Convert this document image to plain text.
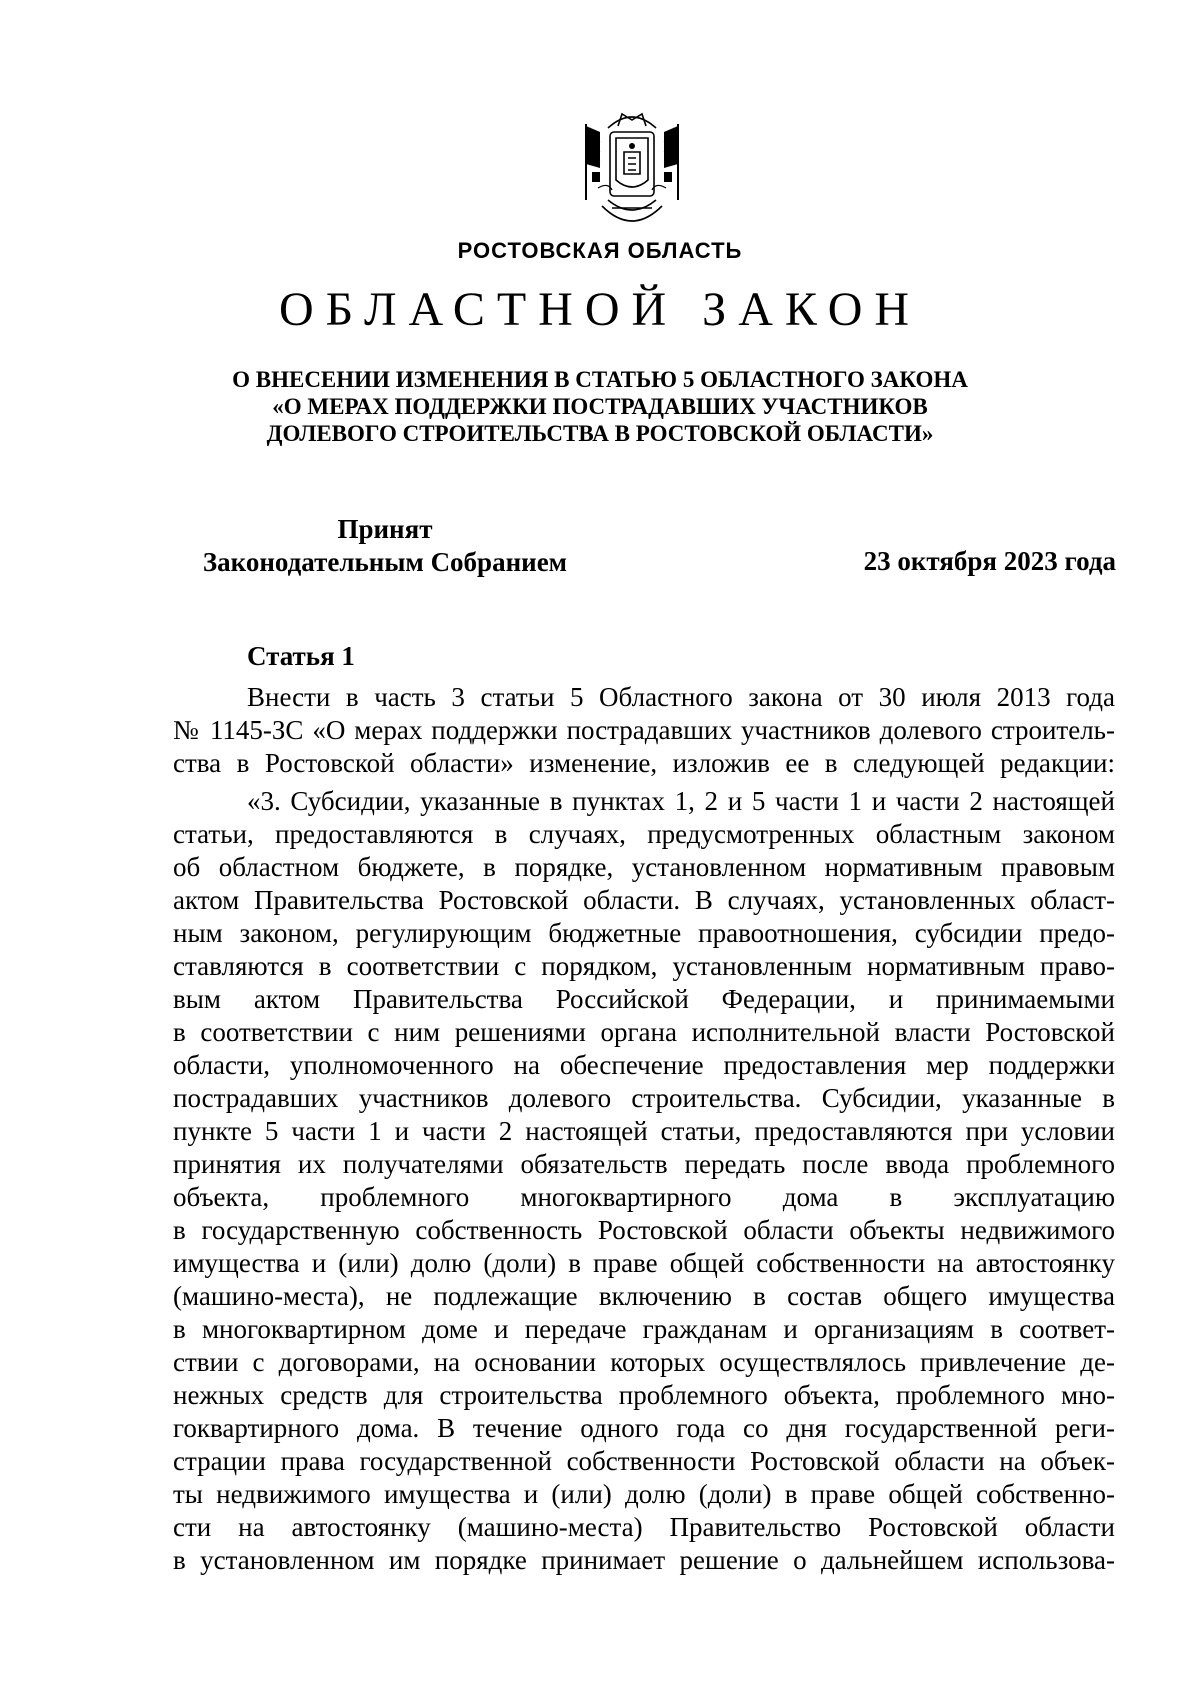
РОСТОВСКАЯ ОБЛАСТЬ
ОБЛАСТНОЙ ЗАКОН
О ВНЕСЕНИИ ИЗМЕНЕНИЯ В СТАТЬЮ 5 ОБЛАСТНОГО ЗАКОНА
«О МЕРАХ ПОДДЕРЖКИ ПОСТРАДАВШИХ УЧАСТНИКОВ
ДОЛЕВОГО СТРОИТЕЛЬСТВА В РОСТОВСКОЙ ОБЛАСТИ»
Принят
Законодательным Собранием	23 октября 2023 года
Статья 1
Внести в часть 3 статьи 5 Областного закона от 30 июля 2013 года
№ 1145-ЗС «О мерах поддержки пострадавших участников долевого строитель-
ства в Ростовской области» изменение, изложив ее в следующей редакции:
«3. Субсидии, указанные в пунктах 1, 2 и 5 части 1 и части 2 настоящей
статьи, предоставляются в случаях, предусмотренных областным законом
об областном бюджете, в порядке, установленном нормативным правовым
актом Правительства Ростовской области. В случаях, установленных област-
ным законом, регулирующим бюджетные правоотношения, субсидии предо-
ставляются в соответствии с порядком, установленным нормативным право-
вым актом Правительства Российской Федерации, и принимаемыми
в соответствии с ним решениями органа исполнительной власти Ростовской
области, уполномоченного на обеспечение предоставления мер поддержки
пострадавших участников долевого строительства. Субсидии, указанные в
пункте 5 части 1 и части 2 настоящей статьи, предоставляются при условии
принятия их получателями обязательств передать после ввода проблемного
объекта, проблемного многоквартирного дома в эксплуатацию
в государственную собственность Ростовской области объекты недвижимого
имущества и (или) долю (доли) в праве общей собственности на автостоянку
(машино-места), не подлежащие включению в состав общего имущества
в многоквартирном доме и передаче гражданам и организациям в соответ-
ствии с договорами, на основании которых осуществлялось привлечение де-
нежных средств для строительства проблемного объекта, проблемного мно-
гоквартирного дома. В течение одного года со дня государственной реги-
страции права государственной собственности Ростовской области на объек-
ты недвижимого имущества и (или) долю (доли) в праве общей собственно-
сти на автостоянку (машино-места) Правительство Ростовской области
в установленном им порядке принимает решение о дальнейшем использова-
